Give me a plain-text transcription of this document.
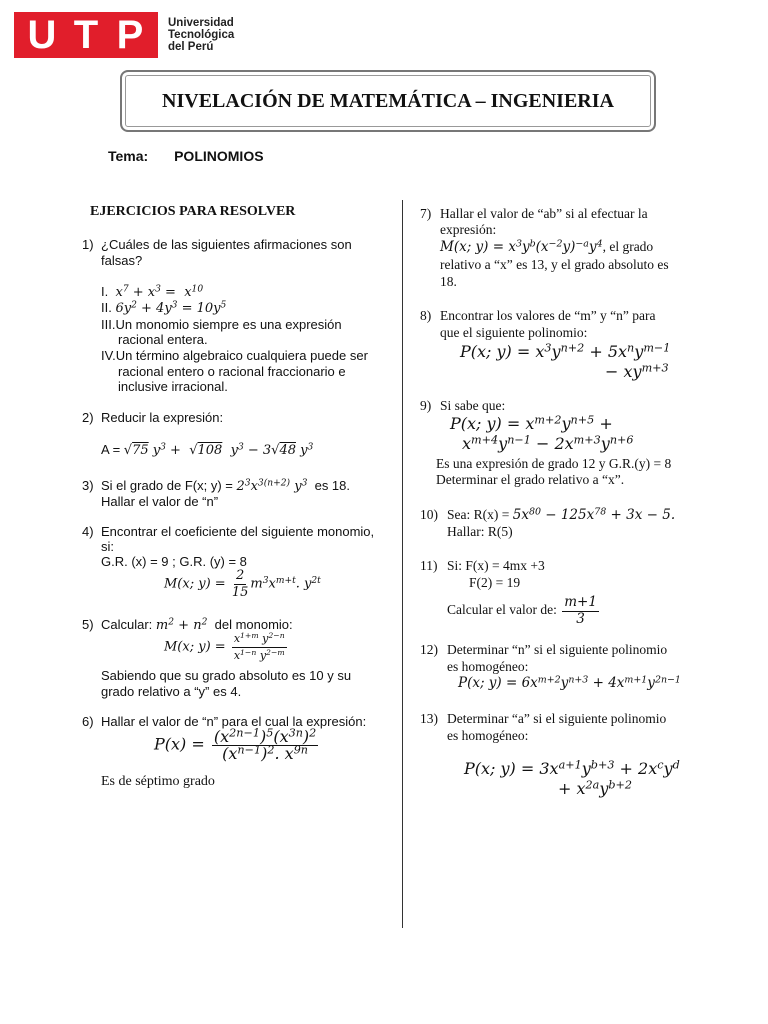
U T P	Universidad
Tecnológica
del Perú
NIVELACIÓN DE MATEMÁTICA – INGENIERIA
Tema: POLINOMIOS
EJERCICIOS PARA RESOLVER
1) ¿Cuáles de las siguientes afirmaciones son
falsas?
I. $x^7 + x^3 = x^{10}$
II. $6y^2 + 4y^3 = 10y^5$
III.Un monomio siempre es una expresión
racional entera.
IV.Un término algebraico cualquiera puede ser
racional entero o racional fraccionario e
inclusive irracional.
2) Reducir la expresión:
A = √75 $y^3 + √108$  $y^3 - 3√48$ $y^3$
3) Si el grado de F(x; $y) = 2^3x^{3(n+2)}$ $y^3$ es 18.
Hallar el valor de “n”
4) Encontrar el coeficiente del siguiente monomio,
si:
G.R. (x) = 9 ; G.R. (y) = 8
M(x; $y) = \frac{2}{15} m^3x^{m+t}$. $y^{2t}$
5) Calcular: $m^2 + n^2$ del monomio:
M(x; $y) = \frac{x^{1+m} y^{2-n}}{x^{1-n} y^{2-m}}$
Sabiendo que su grado absoluto es 10 y su
grado relativo a “y” es 4.
6) Hallar el valor de “n” para el cual la expresión:
$P(x) = \frac{(x^{2n-1})^5(x^{3n})^2}{(x^{n-1})^2. x^{9n}}$
Es de séptimo grado
7) Hallar el valor de “ab” si al efectuar la
expresión:
M(x; $y) = x^3y^b(x^{-2}y)^{-a}y^4$, el grado
relativo a “x” es 13, y el grado absoluto es
18.
8) Encontrar los valores de “m” y “n” para
que el siguiente polinomio:
P(x; $y) = x^3y^{n+2} + 5x^ny^{m-1}$
− $xy^{m+3}$
9) Si sabe que:
P(x; $y) = x^{m+2}y^{n+5}$ +
$x^{m+4}y^{n-1} - 2x^{m+3}y^{n+6}$
Es una expresión de grado 12 y G.R.(y) = 8
Determinar el grado relativo a “x”.
10) Sea: $R(x) = 5x^{80} - 125x^{78} + 3x - 5$.
Hallar: R(5)
11) Si: F(x) = 4mx +3
F(2) = 19
Calcular el valor de: $\frac{m+1}{3}$
12) Determinar “n” si el siguiente polinomio
es homogéneo:
P(x; $y) = 6x^{m+2}y^{n+3} + 4x^{m+1}y^{2n-1}$
13) Determinar “a” si el siguiente polinomio
es homogéneo:
P(x; $y) = 3x^{a+1}y^{b+3} + 2x^cy^d$
+ $x^{2a}y^{b+2}$
